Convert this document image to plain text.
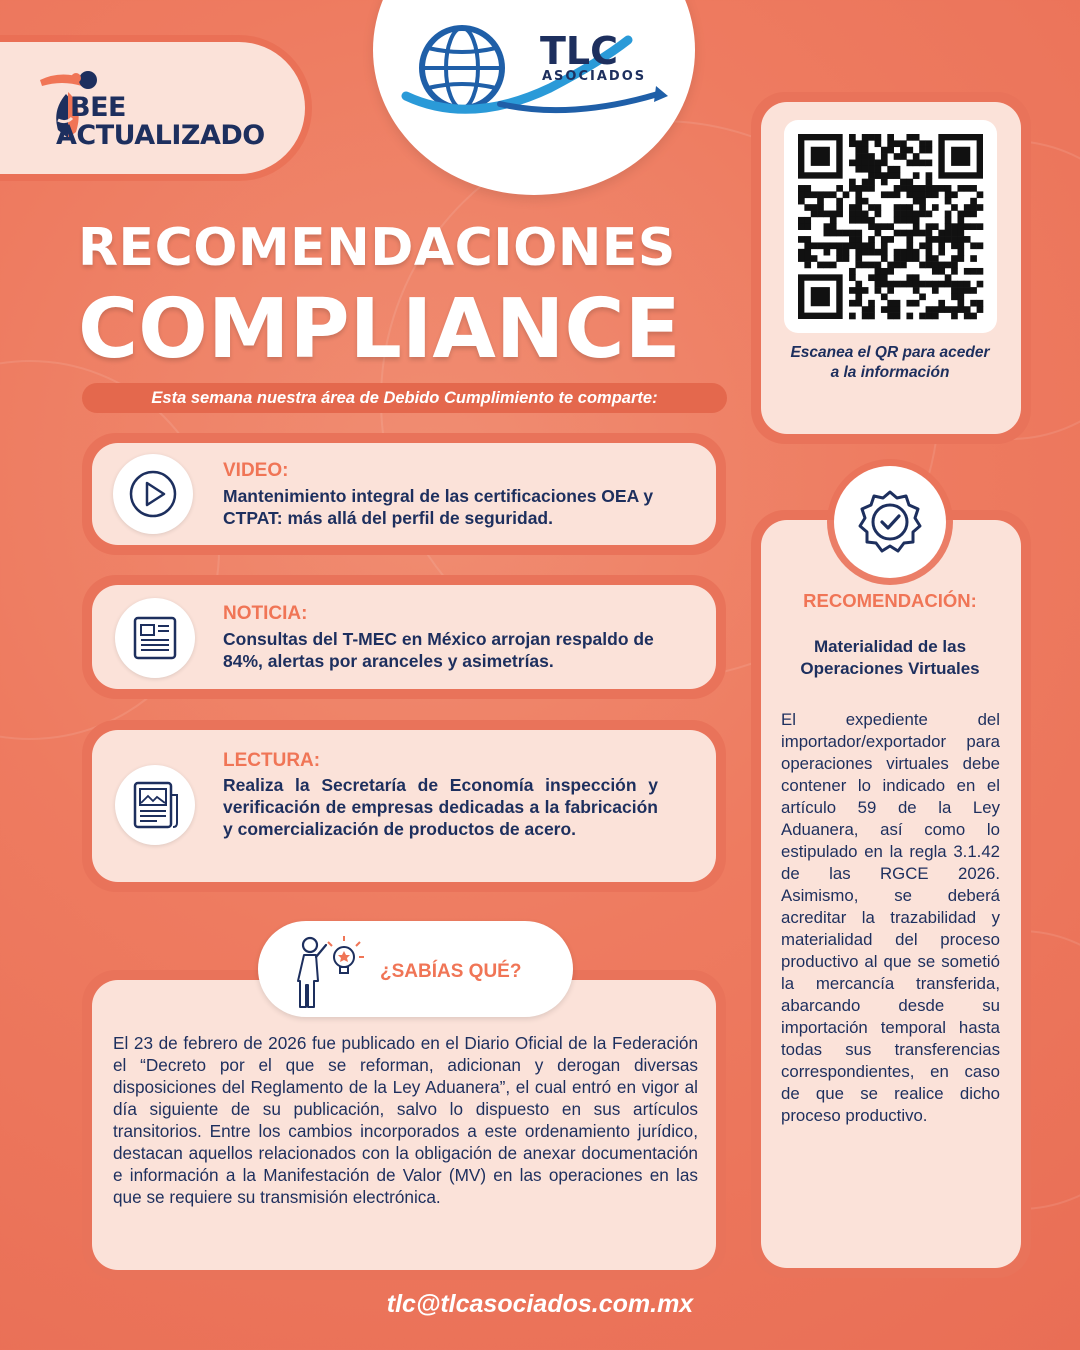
BEE
ACTUALIZADO
TLC
ASOCIADOS
RECOMENDACIONES
COMPLIANCE
Esta semana nuestra área de Debido Cumplimiento te comparte:
VIDEO:
Mantenimiento integral de las certificaciones OEA y CTPAT: más allá del perfil de seguridad.
NOTICIA:
Consultas del T-MEC en México arrojan respaldo de 84%, alertas por aranceles y asimetrías.
LECTURA:
Realiza la Secretaría de Economía inspección y verificación de empresas dedicadas a la fabricación y comercialización de productos de acero.
Escanea el QR para aceder a la información
RECOMENDACIÓN:
Materialidad de las Operaciones Virtuales
El expediente del importador/exportador para operaciones virtuales debe contener lo indicado en el artículo 59 de la Ley Aduanera, así como lo estipulado en la regla 3.1.42 de las RGCE 2026. Asimismo, se deberá acreditar la trazabilidad y materialidad del proceso productivo al que se sometió la mercancía transferida, abarcando desde su importación temporal hasta todas sus transferencias correspondientes, en caso de que se realice dicho proceso productivo.
¿SABÍAS QUÉ?
El 23 de febrero de 2026 fue publicado en el Diario Oficial de la Federación el “Decreto por el que se reforman, adicionan y derogan diversas disposiciones del Reglamento de la Ley Aduanera”, el cual entró en vigor al día siguiente de su publicación, salvo lo dispuesto en sus artículos transitorios. Entre los cambios incorporados a este ordenamiento jurídico, destacan aquellos relacionados con la obligación de anexar documentación e información a la Manifestación de Valor (MV) en las operaciones en las que se requiere su transmisión electrónica.
tlc@tlcasociados.com.mx
